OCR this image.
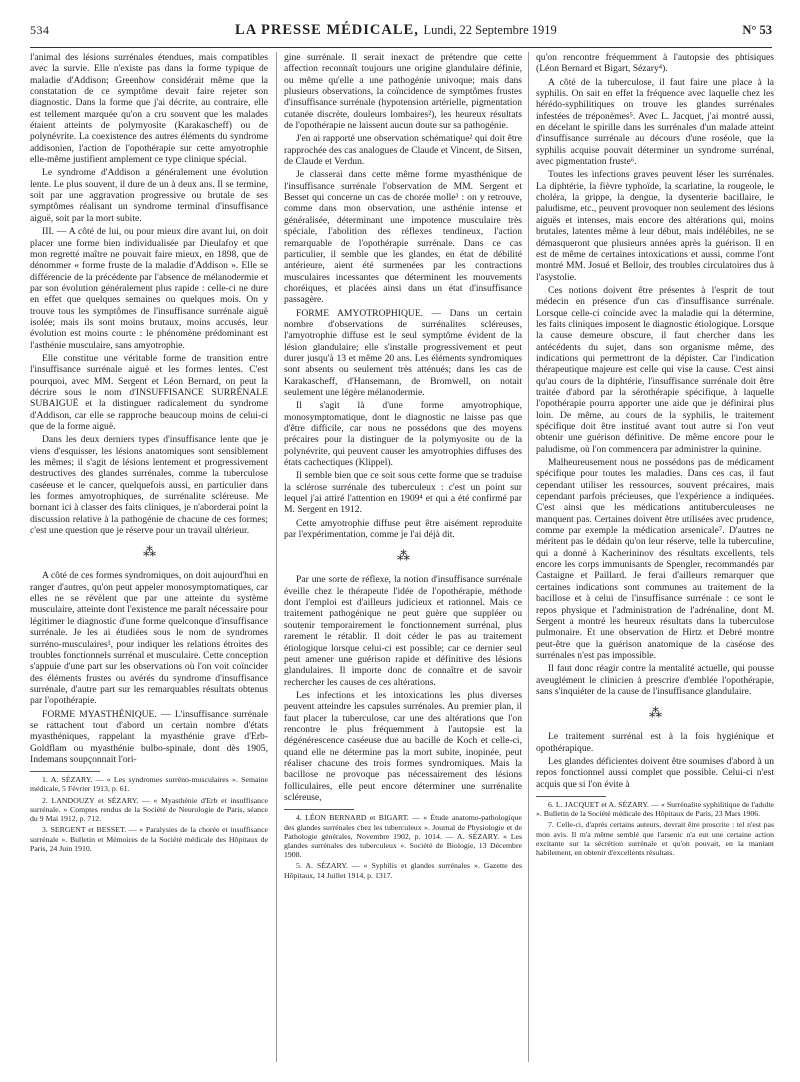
534	LA PRESSE MÉDICALE, Lundi, 22 Septembre 1919	N° 53

l'animal des lésions surrénales étendues, mais compatibles avec la survie. Elle n'existe pas dans la forme typique de maladie d'Addison; Greenhow considérait même que la constatation de ce symptôme devait faire rejeter son diagnostic. Dans la forme que j'ai décrite, au contraire, elle est tellement marquée qu'on a cru souvent que les malades étaient atteints de polymyosite (Karakascheff) ou de polynévrite. La coexistence des autres éléments du syndrome addisonien, l'action de l'opothérapie sur cette amyotrophie elle-même justifient amplement ce type clinique spécial.

Le syndrome d'Addison a généralement une évolution lente. Le plus souvent, il dure de un à deux ans. Il se termine, soit par une aggravation progressive ou brutale de ses symptômes réalisant un syndrome terminal d'insuffisance aiguë, soit par la mort subite.

III. — A côté de lui, ou pour mieux dire avant lui, on doit placer une forme bien individualisée par Dieulafoy et que mon regretté maître ne pouvait faire mieux, en 1898, que de dénommer « forme fruste de la maladie d'Addison ». Elle se différencie de la précédente par l'absence de mélanodermie et par son évolution généralement plus rapide : celle-ci ne dure en effet que quelques semaines ou quelques mois. On y trouve tous les symptômes de l'insuffisance surrénale aiguë isolée; mais ils sont moins brutaux, moins accusés, leur évolution est moins courte : le phénomène prédominant est l'asthénie musculaire, sans amyotrophie.

Elle constitue une véritable forme de transition entre l'insuffisance surrénale aiguë et les formes lentes. C'est pourquoi, avec MM. Sergent et Léon Bernard, on peut la décrire sous le nom d'INSUFFISANCE SURRÉNALE SUBAIGUË et la distinguer radicalement du syndrome d'Addison, car elle se rapproche beaucoup moins de celui-ci que de la forme aiguë.

Dans les deux derniers types d'insuffisance lente que je viens d'esquisser, les lésions anatomiques sont sensiblement les mêmes; il s'agit de lésions lentement et progressivement destructives des glandes surrénales, comme la tuberculose caséeuse et le cancer, quelquefois aussi, en particulier dans les formes amyotrophiques, de surrénalite scléreuse. Me bornant ici à classer des faits cliniques, je n'aborderai point la discussion relative à la pathogénie de chacune de ces formes; c'est une question que je réserve pour un travail ultérieur.

⁂

A côté de ces formes syndromiques, on doit aujourd'hui en ranger d'autres, qu'on peut appeler monosymptomatiques, car elles ne se révèlent que par une atteinte du système musculaire, atteinte dont l'existence me paraît nécessaire pour légitimer le diagnostic d'une forme quelconque d'insuffisance surrénale. Je les ai étudiées sous le nom de syndromes surréno-musculaires¹, pour indiquer les relations étroites des troubles fonctionnels surrénal et musculaire. Cette conception s'appuie d'une part sur les observations où l'on voit coïncider des éléments frustes ou avérés du syndrome d'insuffisance surrénale, d'autre part sur les remarquables résultats obtenus par l'opothérapie.

FORME MYASTHÉNIQUE. — L'insuffisance surrénale se rattachent tout d'abord un certain nombre d'états myasthéniques, rappelant la myasthénie grave d'Erb-Goldflam ou myasthénie bulbo-spinale, dont dès 1905, Indemans soupçonnait l'ori-

1. A. SÉZARY. — « Les syndromes surréno-musculaires ». Semaine médicale, 5 Février 1913, p. 61.

2. LANDOUZY et SÉZARY. — « Myasthénie d'Erb et insuffisance surrénale. » Comptes rendus de la Société de Neurologie de Paris, séance du 9 Mai 1912, p. 712.

3. SERGENT et BESSET. — « Paralysies de la chorée et insuffisance surrénale ». Bulletin et Mémoires de la Société médicale des Hôpitaux de Paris, 24 Juin 1910.

gine surrénale. Il serait inexact de prétendre que cette affection reconnaît toujours une origine glandulaire définie, ou même qu'elle a une pathogénie univoque; mais dans plusieurs observations, la coïncidence de symptômes frustes d'insuffisance surrénale (hypotension artérielle, pigmentation cutanée discrète, douleurs lombaires²), les heureux résultats de l'opothérapie ne laissent aucun doute sur sa pathogénie.

J'en ai rapporté une observation schématique² qui doit être rapprochée des cas analogues de Claude et Vincent, de Sitsen, de Claude et Verdun.

Je classerai dans cette même forme myasthénique de l'insuffisance surrénale l'observation de MM. Sergent et Besset qui concerne un cas de chorée molle³ : on y retrouve, comme dans mon observation, une asthénie intense et généralisée, déterminant une impotence musculaire très spéciale, l'abolition des réflexes tendineux, l'action remarquable de l'opothérapie surrénale. Dans ce cas particulier, il semble que les glandes, en état de débilité antérieure, aient été surmenées par les contractions musculaires incessantes que déterminent les mouvements choréiques, et placées ainsi dans un état d'insuffisance passagère.

FORME AMYOTROPHIQUE. — Dans un certain nombre d'observations de surrénalites scléreuses, l'amyotrophie diffuse est le seul symptôme évident de la lésion glandulaire; elle s'installe progressivement et peut durer jusqu'à 13 et même 20 ans. Les éléments syndromiques sont absents ou seulement très atténués; dans les cas de Karakascheff, d'Hansemann, de Bromwell, on notait seulement une légère mélanodermie.

Il s'agit là d'une forme amyotrophique, monosymptomatique, dont le diagnostic ne laisse pas que d'être difficile, car nous ne possédons que des moyens précaires pour la distinguer de la polymyosite ou de la polynévrite, qui peuvent causer les amyotrophies diffuses des états cachectiques (Klippel).

Il semble bien que ce soit sous cette forme que se traduise la sclérose surrénale des tuberculeux : c'est un point sur lequel j'ai attiré l'attention en 1909⁴ et qui a été confirmé par M. Sergent en 1912.

Cette amyotrophie diffuse peut être aisément reproduite par l'expérimentation, comme je l'ai déjà dit.

⁂

Par une sorte de réflexe, la notion d'insuffisance surrénale éveille chez le thérapeute l'idée de l'opothérapie, méthode dont l'emploi est d'ailleurs judicieux et rationnel. Mais ce traitement pathogénique ne peut guère que suppléer ou soutenir temporairement le fonctionnement surrénal, plus rarement le rétablir. Il doit céder le pas au traitement étiologique lorsque celui-ci est possible; car ce dernier seul peut amener une guérison rapide et définitive des lésions glandulaires. Il importe donc de connaître et de savoir rechercher les causes de ces altérations.

Les infections et les intoxications les plus diverses peuvent atteindre les capsules surrénales. Au premier plan, il faut placer la tuberculose, car une des altérations que l'on rencontre le plus fréquemment à l'autopsie est la dégénérescence caséeuse due au bacille de Koch et celle-ci, quand elle ne détermine pas la mort subite, inopinée, peut réaliser chacune des trois formes syndromiques. Mais la bacillose ne provoque pas nécessairement des lésions folliculaires, elle peut encore déterminer une surrénalite scléreuse,

4. LÉON BERNARD et BIGART. — « Étude anatomo-pathologique des glandes surrénales chez les tuberculeux ». Journal de Physiologie et de Pathologie générales, Novembre 1902, p. 1014. — A. SÉZARY. « Les glandes surrénales des tuberculeux ». Société de Biologie, 13 Décembre 1908.

5. A. SÉZARY. — « Syphilis et glandes surrénales ». Gazette des Hôpitaux, 14 Juillet 1914, p. 1317.

qu'on rencontre fréquemment à l'autopsie des phtisiques (Léon Bernard et Bigart, Sézary⁴).

A côté de la tuberculose, il faut faire une place à la syphilis. On sait en effet la fréquence avec laquelle chez les hérédo-syphilitiques on trouve les glandes surrénales infestées de tréponèmes⁵. Avec L. Jacquet, j'ai montré aussi, en décelant le spirille dans les surrénales d'un malade atteint d'insuffisance surrénale au décours d'une roséole, que la syphilis acquise pouvait déterminer un syndrome surrénal, avec pigmentation fruste⁶.

Toutes les infections graves peuvent léser les surrénales. La diphtérie, la fièvre typhoïde, la scarlatine, la rougeole, le choléra, la grippe, la dengue, la dysenterie bacillaire, le paludisme, etc., peuvent provoquer non seulement des lésions aiguës et intenses, mais encore des altérations qui, moins brutales, latentes même à leur début, mais indélébiles, ne se démasqueront que plusieurs années après la guérison. Il en est de même de certaines intoxications et aussi, comme l'ont montré MM. Josué et Belloir, des troubles circulatoires dus à l'asystolie.

Ces notions doivent être présentes à l'esprit de tout médecin en présence d'un cas d'insuffisance surrénale. Lorsque celle-ci coïncide avec la maladie qui la détermine, les faits cliniques imposent le diagnostic étiologique. Lorsque la cause demeure obscure, il faut chercher dans les antécédents du sujet, dans son organisme même, des indications qui permettront de la dépister. Car l'indication thérapeutique majeure est celle qui vise la cause. C'est ainsi qu'au cours de la diphtérie, l'insuffisance surrénale doit être traitée d'abord par la sérothérapie spécifique, à laquelle l'opothérapie pourra apporter une aide que je définirai plus loin. De même, au cours de la syphilis, le traitement spécifique doit être institué avant tout autre si l'on veut obtenir une guérison définitive. De même encore pour le paludisme, où l'on commencera par administrer la quinine.

Malheureusement nous ne possédons pas de médicament spécifique pour toutes les maladies. Dans ces cas, il faut cependant utiliser les ressources, souvent précaires, mais cependant parfois précieuses, que l'expérience a indiquées. C'est ainsi que les médications antituberculeuses ne manquent pas. Certaines doivent être utilisées avec prudence, comme par exemple la médication arsenicale⁷. D'autres ne méritent pas le dédain qu'on leur réserve, telle la tuberculine, qui a donné à Kacherininov des résultats excellents, tels encore les corps immunisants de Spengler, recommandés par Castaigne et Paillard. Je ferai d'ailleurs remarquer que certaines indications sont communes au traitement de la bacillose et à celui de l'insuffisance surrénale : ce sont le repos physique et l'administration de l'adrénaline, dont M. Sergent a montré les heureux résultats dans la tuberculose pulmonaire. Et une observation de Hirtz et Debré montre peut-être que la guérison anatomique de la caséose des surrénales n'est pas impossible.

Il faut donc réagir contre la mentalité actuelle, qui pousse aveuglément le clinicien à prescrire d'emblée l'opothérapie, sans s'inquiéter de la cause de l'insuffisance glandulaire.

⁂

Le traitement surrénal est à la fois hygiénique et opothérapique.

Les glandes déficientes doivent être soumises d'abord à un repos fonctionnel aussi complet que possible. Celui-ci n'est acquis que si l'on évite à

6. L. JACQUET et A. SÉZARY. — « Surrénalite syphilitique de l'adulte ». Bulletin de la Société médicale des Hôpitaux de Paris, 23 Mars 1906.

7. Celle-ci, d'après certains auteurs, devrait être proscrite : tel n'est pas mon avis. Il m'a même semblé que l'arsenic n'a eut une certaine action excitante sur la sécrétion surrénale et qu'on pouvait, en la maniant habilement, en obtenir d'excellents résultats.
